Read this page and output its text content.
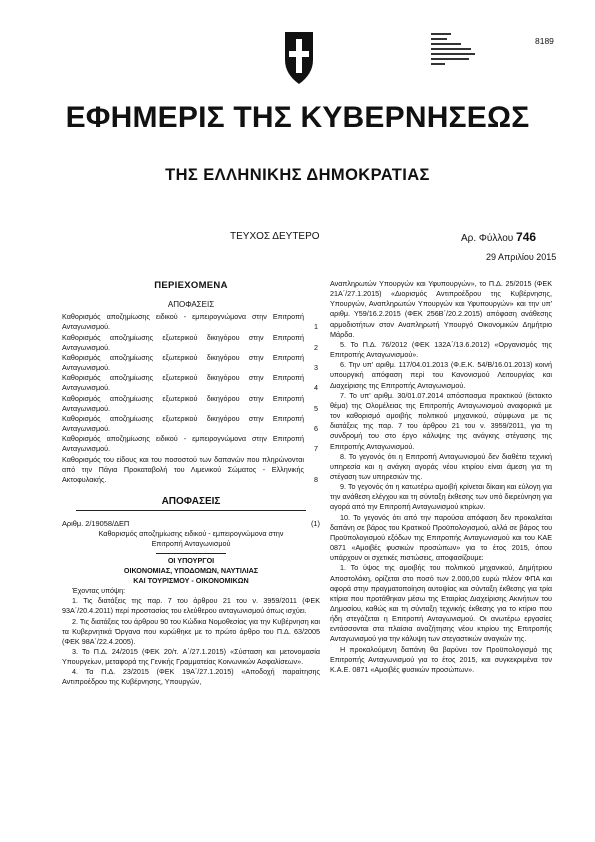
8189
ΕΦΗΜΕΡΙΣ ΤΗΣ ΚΥΒΕΡΝΗΣΕΩΣ
ΤΗΣ ΕΛΛΗΝΙΚΗΣ ΔΗΜΟΚΡΑΤΙΑΣ
ΤΕΥΧΟΣ ΔΕΥΤΕΡΟ	Αρ. Φύλλου 746
29 Απριλίου 2015
ΠΕΡΙΕΧΟΜΕΝΑ
ΑΠΟΦΑΣΕΙΣ
Καθορισμός αποζημίωσης ειδικού - εμπειρογνώμονα στην Επιτροπή Ανταγωνισμού.	1
Καθορισμός αποζημίωσης εξωτερικού δικηγόρου στην Επιτροπή Ανταγωνισμού.	2
Καθορισμός αποζημίωσης εξωτερικού δικηγόρου στην Επιτροπή Ανταγωνισμού.	3
Καθορισμός αποζημίωσης εξωτερικού δικηγόρου στην Επιτροπή Ανταγωνισμού.	4
Καθορισμός αποζημίωσης εξωτερικού δικηγόρου στην Επιτροπή Ανταγωνισμού.	5
Καθορισμός αποζημίωσης εξωτερικού δικηγόρου στην Επιτροπή Ανταγωνισμού.	6
Καθορισμός αποζημίωσης ειδικού - εμπειρογνώμονα στην Επιτροπή Ανταγωνισμού.	7
Καθορισμός του είδους και του ποσοστού των δαπανών που πληρώνονται από την Πάγια Προκαταβολή του Λιμενικού Σώματος - Ελληνικής Ακτοφυλακής.	8
ΑΠΟΦΑΣΕΙΣ
Αριθμ. 2/19058/ΔΕΠ	(1)
Καθορισμός αποζημίωσης ειδικού - εμπειρογνώμονα στην Επιτροπή Ανταγωνισμού
ΟΙ ΥΠΟΥΡΓΟΙ
ΟΙΚΟΝΟΜΙΑΣ, ΥΠΟΔΟΜΩΝ, ΝΑΥΤΙΛΙΑΣ
ΚΑΙ ΤΟΥΡΙΣΜΟΥ - ΟΙΚΟΝΟΜΙΚΩΝ

Έχοντας υπόψη:

1. Τις διατάξεις της παρ. 7 του άρθρου 21 του ν. 3959/2011 (ΦΕΚ 93Α΄/20.4.2011) περί προστασίας του ελεύθερου ανταγωνισμού όπως ισχύει.

2. Τις διατάξεις του άρθρου 90 του Κώδικα Νομοθεσίας για την Κυβέρνηση και τα Κυβερνητικά Όργανα που κυρώθηκε με το πρώτο άρθρο του Π.Δ. 63/2005 (ΦΕΚ 98Α΄/22.4.2005).

3. Το Π.Δ. 24/2015 (ΦΕΚ 20/τ. Α΄/27.1.2015) «Σύσταση και μετονομασία Υπουργείων, μεταφορά της Γενικής Γραμματείας Κοινωνικών Ασφαλίσεων».

4. Τα Π.Δ. 23/2015 (ΦΕΚ 19Α΄/27.1.2015) «Αποδοχή παραίτησης Αντιπροέδρου της Κυβέρνησης, Υπουργών,

Αναπληρωτών Υπουργών και Υφυπουργών», το Π.Δ. 25/2015 (ΦΕΚ 21Α΄/27.1.2015) «Διορισμός Αντιπροέδρου της Κυβέρνησης, Υπουργών, Αναπληρωτών Υπουργών και Υφυπουργών» και την υπ' αριθμ. Υ59/16.2.2015 (ΦΕΚ 256Β΄/20.2.2015) απόφαση ανάθεσης αρμοδιοτήτων στον Αναπληρωτή Υπουργό Οικονομικών Δημήτριο Μάρδα.

5. Το Π.Δ. 76/2012 (ΦΕΚ 132Α΄/13.6.2012) «Οργανισμός της Επιτροπής Ανταγωνισμού».

6. Την υπ' αριθμ. 117/04.01.2013 (Φ.Ε.Κ. 54/Β/16.01.2013) κοινή υπουργική απόφαση περί του Κανονισμού Λειτουργίας και Διαχείρισης της Επιτροπής Ανταγωνισμού.

7. Το υπ' αριθμ. 30/01.07.2014 απόσπασμα πρακτικού (έκτακτο θέμα) της Ολομέλειας της Επιτροπής Ανταγωνισμού αναφορικά με τον καθορισμό αμοιβής πολιτικού μηχανικού, σύμφωνα με τις διατάξεις της παρ. 7 του άρθρου 21 του ν. 3959/2011, για τη συνδρομή του στο έργο κάλυψης της ανάγκης στέγασης της Επιτροπής Ανταγωνισμού.

8. Το γεγονός ότι η Επιτροπή Ανταγωνισμού δεν διαθέτει τεχνική υπηρεσία και η ανάγκη αγοράς νέου κτιρίου είναι άμεση για τη στέγαση των υπηρεσιών της.

9. Το γεγονός ότι η κατωτέρω αμοιβή κρίνεται δίκαιη και εύλογη για την ανάθεση ελέγχου και τη σύνταξη έκθεσης των υπό διερεύνηση για αγορά από την Επιτροπή Ανταγωνισμού κτιρίων.

10. Το γεγονός ότι από την παρούσα απόφαση δεν προκαλείται δαπάνη σε βάρος του Κρατικού Προϋπολογισμού, αλλά σε βάρος του Προϋπολογισμού εξόδων της Επιτροπής Ανταγωνισμού και του ΚΑΕ 0871 «Αμοιβές φυσικών προσώπων» για το έτος 2015, όπου υπάρχουν οι σχετικές πιστώσεις, αποφασίζουμε:

1. Το ύψος της αμοιβής του πολιτικού μηχανικού, Δημήτριου Αποστολάκη, ορίζεται στο ποσό των 2.000,00 ευρώ πλέον ΦΠΑ και αφορά στην πραγματοποίηση αυτοψίας και σύνταξη έκθεσης για τρία κτίρια που προτάθηκαν μέσω της Εταιρίας Διαχείρισης Ακινήτων του Δημοσίου, καθώς και τη σύνταξη τεχνικής έκθεσης για το κτίριο που ήδη στεγάζεται η Επιτροπή Ανταγωνισμού. Οι ανωτέρω εργασίες εντάσσονται στα πλαίσια αναζήτησης νέου κτιρίου της Επιτροπής Ανταγωνισμού για την κάλυψη των στεγαστικών αναγκών της.

Η προκαλούμενη δαπάνη θα βαρύνει τον Προϋπολογισμό της Επιτροπής Ανταγωνισμού για το έτος 2015, και συγκεκριμένα τον Κ.Α.Ε. 0871 «Αμοιβές φυσικών προσώπων».
